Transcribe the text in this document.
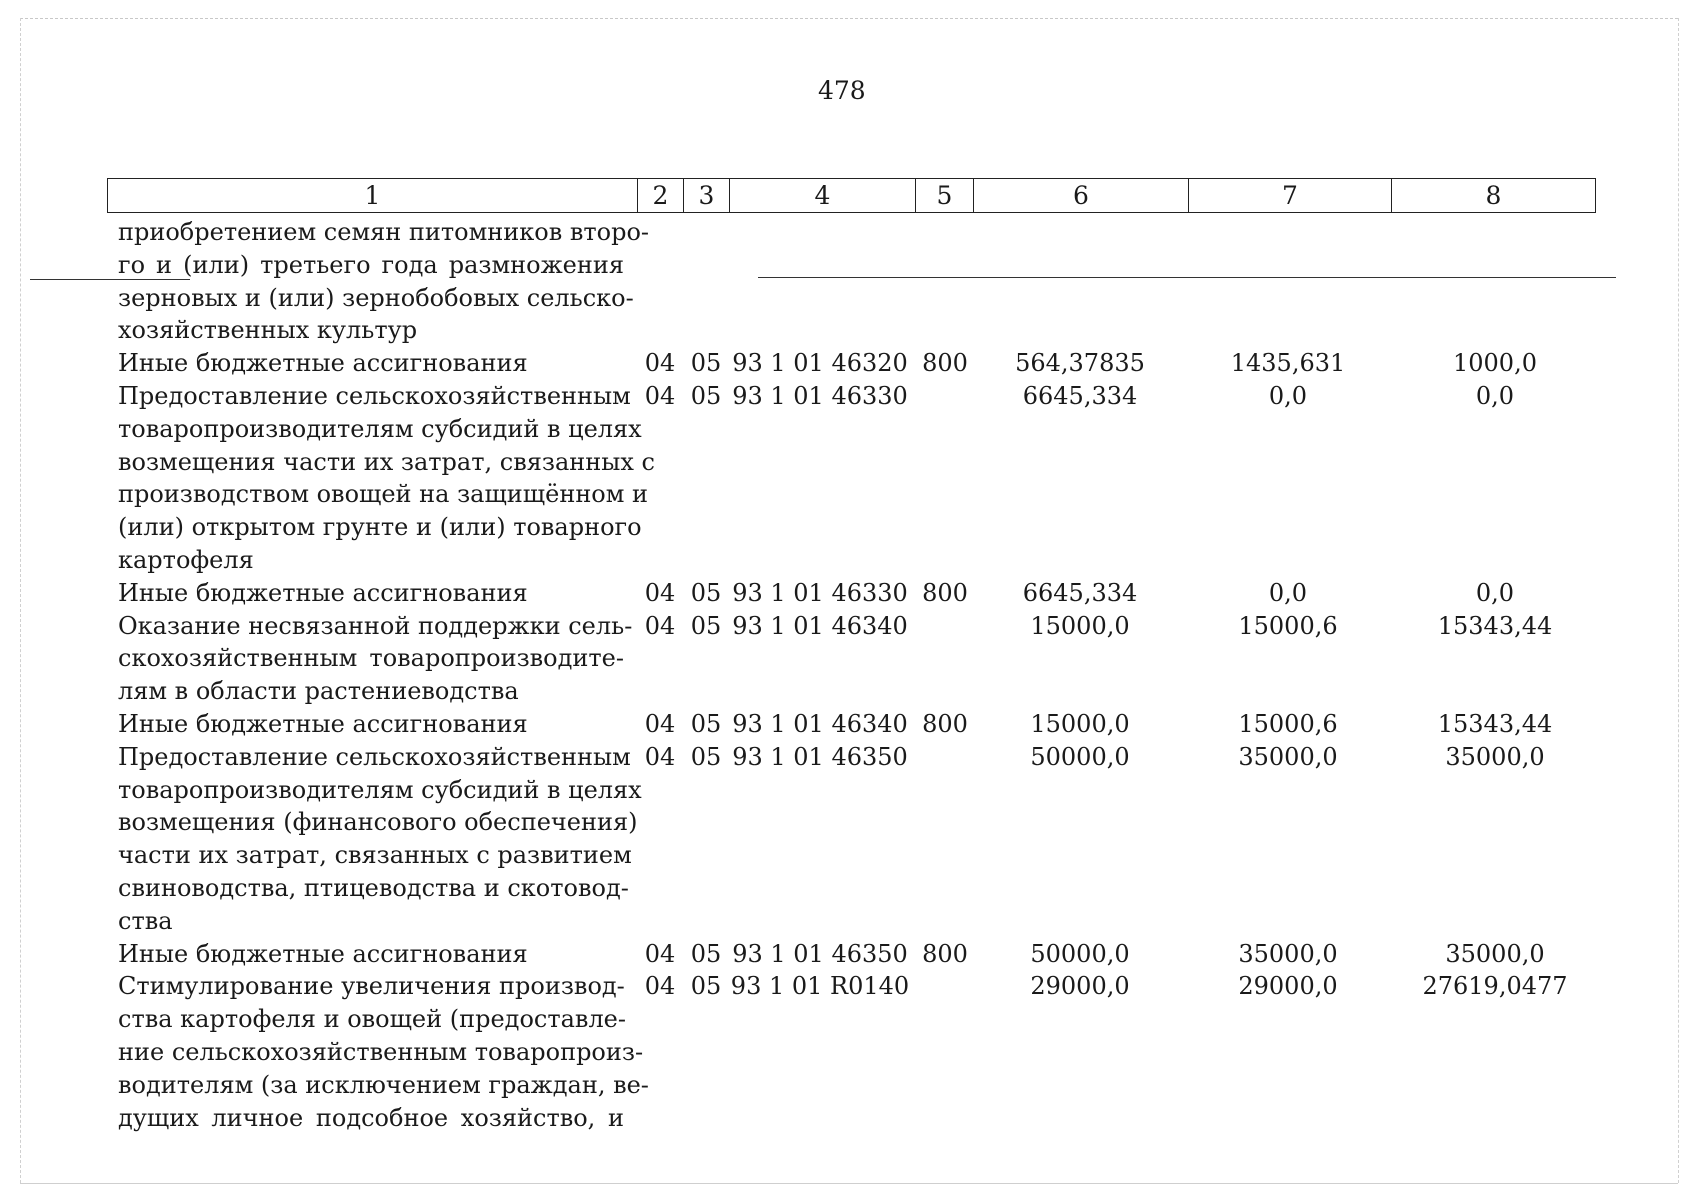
478
1	2	3	4	5	6	7	8
приобретением семян питомников второ-
го и (или) третьего года размножения
зерновых и (или) зернобобовых сельско-
хозяйственных культур
Иные бюджетные ассигнования	04 05 93 1 01 46320 800	564,37835	1435,631	1000,0
Предоставление сельскохозяйственным 04 05 93 1 01 46330	6645,334	0,0	0,0
товаропроизводителям субсидий в целях
возмещения части их затрат, связанных с
производством овощей на защищённом и
(или) открытом грунте и (или) товарного
картофеля
Иные бюджетные ассигнования	04 05 93 1 01 46330 800	6645,334	0,0	0,0
Оказание несвязанной поддержки сель- 04 05 93 1 01 46340	15000,0	15000,6	15343,44
скохозяйственным товаропроизводите-
лям в области растениеводства
Иные бюджетные ассигнования	04 05 93 1 01 46340 800	15000,0	15000,6	15343,44
Предоставление сельскохозяйственным 04 05 93 1 01 46350	50000,0	35000,0	35000,0
товаропроизводителям субсидий в целях
возмещения (финансового обеспечения)
части их затрат, связанных с развитием
свиноводства, птицеводства и скотовод-
ства
Иные бюджетные ассигнования	04 05 93 1 01 46350 800	50000,0	35000,0	35000,0
Стимулирование увеличения производ- 04 05 93 1 01 R0140	29000,0	29000,0	27619,0477
ства картофеля и овощей (предоставле-
ние сельскохозяйственным товаропроиз-
водителям (за исключением граждан, ве-
дущих личное подсобное хозяйство, и
